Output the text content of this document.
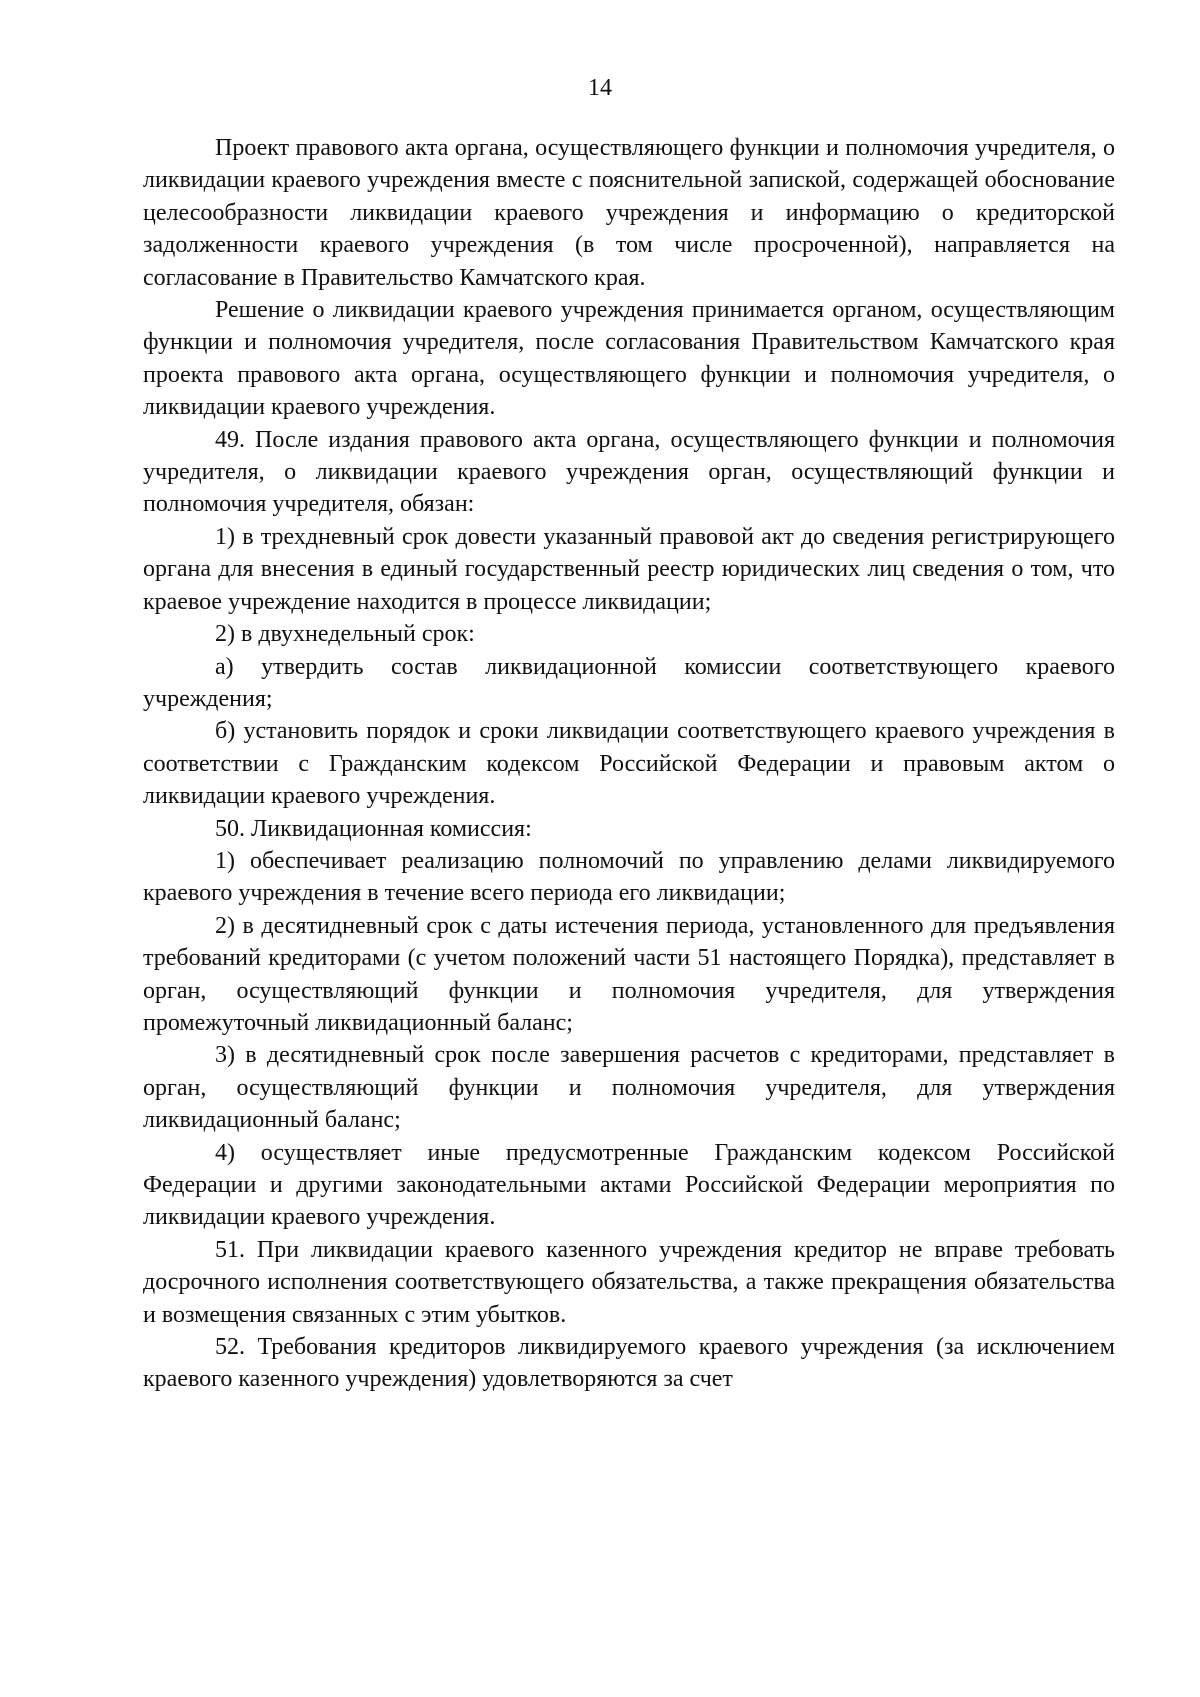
14

Проект правового акта органа, осуществляющего функции и полномочия учредителя, о ликвидации краевого учреждения вместе с пояснительной запиской, содержащей обоснование целесообразности ликвидации краевого учреждения и информацию о кредиторской задолженности краевого учреждения (в том числе просроченной), направляется на согласование в Правительство Камчатского края.

Решение о ликвидации краевого учреждения принимается органом, осуществляющим функции и полномочия учредителя, после согласования Правительством Камчатского края проекта правового акта органа, осуществляющего функции и полномочия учредителя, о ликвидации краевого учреждения.

49. После издания правового акта органа, осуществляющего функции и полномочия учредителя, о ликвидации краевого учреждения орган, осуществляющий функции и полномочия учредителя, обязан:

1) в трехдневный срок довести указанный правовой акт до сведения регистрирующего органа для внесения в единый государственный реестр юридических лиц сведения о том, что краевое учреждение находится в процессе ликвидации;

2) в двухнедельный срок:

а) утвердить состав ликвидационной комиссии соответствующего краевого учреждения;

б) установить порядок и сроки ликвидации соответствующего краевого учреждения в соответствии с Гражданским кодексом Российской Федерации и правовым актом о ликвидации краевого учреждения.

50. Ликвидационная комиссия:

1) обеспечивает реализацию полномочий по управлению делами ликвидируемого краевого учреждения в течение всего периода его ликвидации;

2) в десятидневный срок с даты истечения периода, установленного для предъявления требований кредиторами (с учетом положений части 51 настоящего Порядка), представляет в орган, осуществляющий функции и полномочия учредителя, для утверждения промежуточный ликвидационный баланс;

3) в десятидневный срок после завершения расчетов с кредиторами, представляет в орган, осуществляющий функции и полномочия учредителя, для утверждения ликвидационный баланс;

4) осуществляет иные предусмотренные Гражданским кодексом Российской Федерации и другими законодательными актами Российской Федерации мероприятия по ликвидации краевого учреждения.

51. При ликвидации краевого казенного учреждения кредитор не вправе требовать досрочного исполнения соответствующего обязательства, а также прекращения обязательства и возмещения связанных с этим убытков.

52. Требования кредиторов ликвидируемого краевого учреждения (за исключением краевого казенного учреждения) удовлетворяются за счет
